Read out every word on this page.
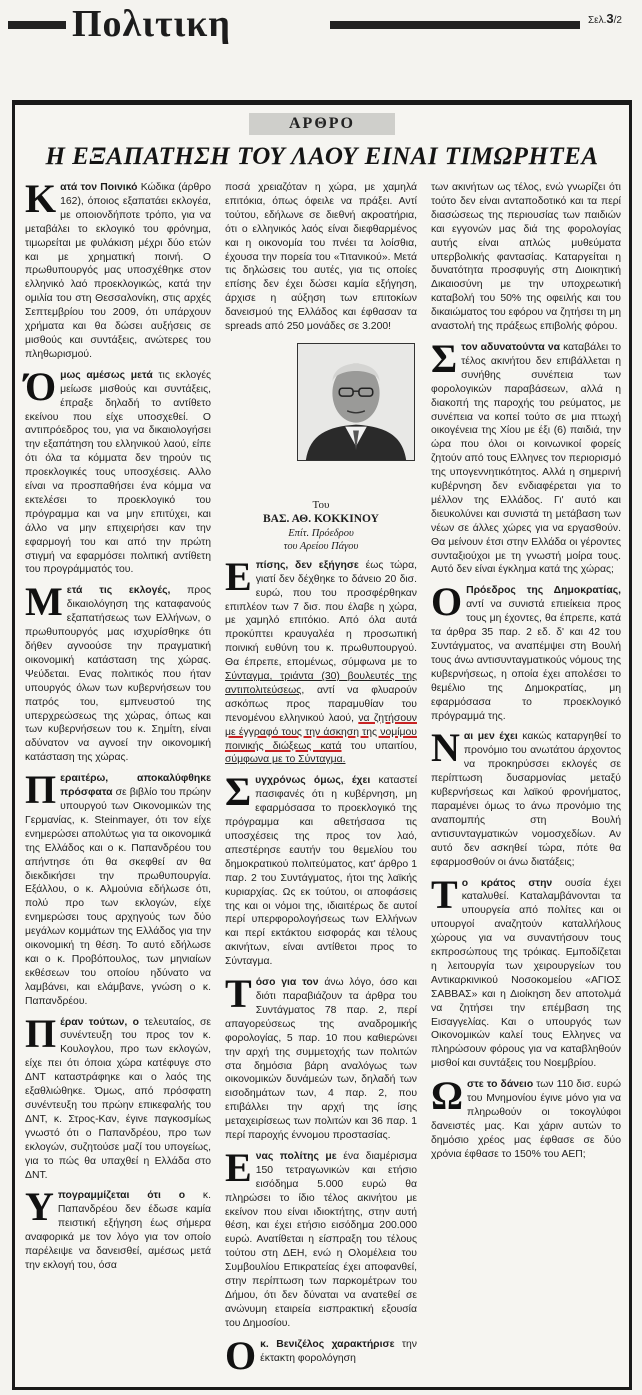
Πολιτικη	Σελ.3/2
ΑΡΘΡΟ
Η ΕΞΑΠΑΤΗΣΗ ΤΟΥ ΛΑΟΥ ΕΙΝΑΙ ΤΙΜΩΡΗΤΕΑ

Κατά τον Ποινικό Κώδικα (άρθρο 162), όποιος εξαπατάει εκλογέα, με οποιονδήποτε τρόπο, για να μεταβάλει το εκλογικό του φρόνημα, τιμωρείται με φυλάκιση μέχρι δύο ετών και με χρηματική ποινή. Ο πρωθυπουργός μας υποσχέθηκε στον ελληνικό λαό προεκλογικώς, κατά την ομιλία του στη Θεσσαλονίκη, στις αρχές Σεπτεμβρίου του 2009, ότι υπάρχουν χρήματα και θα δώσει αυξήσεις σε μισθούς και συντάξεις, ανώτερες του πληθωρισμού.

Όμως αμέσως μετά τις εκλογές μείωσε μισθούς και συντάξεις, έπραξε δηλαδή το αντίθετο εκείνου που είχε υποσχεθεί. Ο αντιπρόεδρος του, για να δικαιολογήσει την εξαπάτηση του ελληνικού λαού, είπε ότι όλα τα κόμματα δεν τηρούν τις προεκλογικές τους υποσχέσεις. Αλλο είναι να προσπαθήσει ένα κόμμα να εκτελέσει το προεκλογικό του πρόγραμμα και να μην επιτύχει, και άλλο να μην επιχειρήσει καν την εφαρμογή του και από την πρώτη στιγμή να εφαρμόσει πολιτική αντίθετη του προγράμματός του.

Μετά τις εκλογές, προς δικαιολόγηση της καταφανούς εξαπατήσεως των Ελλήνων, ο πρωθυπουργός μας ισχυρίσθηκε ότι δήθεν αγνοούσε την πραγματική οικονομική κατάσταση της χώρας. Ψεύδεται. Ενας πολιτικός που ήταν υπουργός όλων των κυβερνήσεων του πατρός του, εμπνευστού της υπερχρεώσεως της χώρας, όπως και των κυβερνήσεων του κ. Σημίτη, είναι αδύνατον να αγνοεί την οικονομική κατάσταση της χώρας.

Περαιτέρω, αποκαλύφθηκε πρόσφατα σε βιβλίο του πρώην υπουργού των Οικονομικών της Γερμανίας, κ. Steinmayer, ότι τον είχε ενημερώσει απολύτως για τα οικονομικά της Ελλάδος και ο κ. Παπανδρέου του απήντησε ότι θα σκεφθεί αν θα διεκδικήσει την πρωθυπουργία. Εξάλλου, ο κ. Αλμούνια εδήλωσε ότι, πολύ προ των εκλογών, είχε ενημερώσει τους αρχηγούς των δύο μεγάλων κομμάτων της Ελλάδος για την οικονομική τη θέση. Το αυτό εδήλωσε και ο κ. Προβόπουλος, των μηνιαίων εκθέσεων του οποίου ηδύνατο να λαμβάνει, και ελάμβανε, γνώση ο κ. Παπανδρέου.

Πέραν τούτων, ο τελευταίος, σε συνέντευξη του προς τον κ. Κουλογλου, προ των εκλογών, είχε πει ότι όποια χώρα κατέφυγε στο ΔΝΤ καταστράφηκε και ο λαός της εξαθλιώθηκε. Όμως, από πρόσφατη συνέντευξη του πρώην επικεφαλής του ΔΝΤ, κ. Στρος-Καν, έγινε παγκοσμίως γνωστό ότι ο Παπανδρέου, προ των εκλογών, συζητούσε μαζί του υπογείως, για το πώς θα υπαχθεί η Ελλάδα στο ΔΝΤ.

Υπογραμμίζεται ότι ο κ. Παπανδρέου δεν έδωσε καμία πειστική εξήγηση έως σήμερα αναφορικά με τον λόγο για τον οποίο παρέλειψε να δανεισθεί, αμέσως μετά την εκλογή του, όσα

ποσά χρειαζόταν η χώρα, με χαμηλά επιτόκια, όπως όφειλε να πράξει. Αντί τούτου, εδήλωνε σε διεθνή ακροατήρια, ότι ο ελληνικός λαός είναι διεφθαρμένος και η οικονομία του πνέει τα λοίσθια, έχουσα την πορεία του «Τιτανικού». Μετά τις δηλώσεις του αυτές, για τις οποίες επίσης δεν έχει δώσει καμία εξήγηση, άρχισε η αύξηση των επιτοκίων δανεισμού της Ελλάδος και έφθασαν τα spreads από 250 μονάδες σε 3.200!

Του
ΒΑΣ. ΑΘ. ΚΟΚΚΙΝΟΥ
Επίτ. Πρόεδρου
του Αρείου Πάγου

Επίσης, δεν εξήγησε έως τώρα, γιατί δεν δέχθηκε το δάνειο 20 δισ. ευρώ, που του προσφέρθηκαν επιπλέον των 7 δισ. που έλαβε η χώρα, με χαμηλό επιτόκιο. Από όλα αυτά προκύπτει κραυγαλέα η προσωπική ποινική ευθύνη του κ. πρωθυπουργού. Θα έπρεπε, επομένως, σύμφωνα με το Σύνταγμα, τριάντα (30) βουλευτές της αντιπολιτεύσεως, αντί να φλυαρούν ασκόπως προς παραμυθίαν του πενομένου ελληνικού λαού, να ζητήσουν με έγγραφό τους την άσκηση της νομίμου ποινικής διώξεως κατά του υπαιτίου, σύμφωνα με το Σύνταγμα.

Συγχρόνως όμως, έχει καταστεί πασιφανές ότι η κυβέρνηση, μη εφαρμόσασα το προεκλογικό της πρόγραμμα και αθετήσασα τις υποσχέσεις της προς τον λαό, απεστέρησε εαυτήν του θεμελίου του δημοκρατικού πολιτεύματος, κατ' άρθρο 1 παρ. 2 του Συντάγματος, ήτοι της λαϊκής κυριαρχίας. Ως εκ τούτου, οι αποφάσεις της και οι νόμοι της, ιδιαιτέρως δε αυτοί περί υπερφορολογήσεως των Ελλήνων και περί εκτάκτου εισφοράς και τέλους ακινήτων, είναι αντίθετοι προς το Σύνταγμα.

Τόσο για τον άνω λόγο, όσο και διότι παραβιάζουν τα άρθρα του Συντάγματος 78 παρ. 2, περί απαγορεύσεως της αναδρομικής φορολογίας, 5 παρ. 10 που καθιερώνει την αρχή της συμμετοχής των πολιτών στα δημόσια βάρη αναλόγως των οικονομικών δυνάμεών των, δηλαδή των εισοδημάτων των, 4 παρ. 2, που επιβάλλει την αρχή της ίσης μεταχειρίσεως των πολιτών και 36 παρ. 1 περί παροχής έννομου προστασίας.

Ενας πολίτης με ένα διαμέρισμα 150 τετραγωνικών και ετήσιο εισόδημα 5.000 ευρώ θα πληρώσει το ίδιο τέλος ακινήτου με εκείνον που είναι ιδιοκτήτης, στην αυτή θέση, και έχει ετήσιο εισόδημα 200.000 ευρώ. Ανατίθεται η είσπραξη του τέλους τούτου στη ΔΕΗ, ενώ η Ολομέλεια του Συμβουλίου Επικρατείας έχει αποφανθεί, στην περίπτωση των παρκομέτρων του Δήμου, ότι δεν δύναται να ανατεθεί σε ανώνυμη εταιρεία εισπρακτική εξουσία του Δημοσίου.

Ο κ. Βενιζέλος χαρακτήρισε την έκτακτη φορολόγηση

των ακινήτων ως τέλος, ενώ γνωρίζει ότι τούτο δεν είναι ανταποδοτικό και τα περί διασώσεως της περιουσίας των παιδιών και εγγονών μας διά της φορολογίας αυτής είναι απλώς μυθεύματα υπερβολικής φαντασίας. Καταργείται η δυνατότητα προσφυγής στη Διοικητική Δικαιοσύνη με την υποχρεωτική καταβολή του 50% της οφειλής και του δικαιώματος του εφόρου να ζητήσει τη μη αναστολή της πράξεως επιβολής φόρου.

Στον αδυνατούντα να καταβάλει το τέλος ακινήτου δεν επιβάλλεται η συνήθης συνέπεια των φορολογικών παραβάσεων, αλλά η διακοπή της παροχής του ρεύματος, με συνέπεια να κοπεί τούτο σε μια πτωχή οικογένεια της Χίου με έξι (6) παιδιά, την ώρα που όλοι οι κοινωνικοί φορείς ζητούν από τους Ελληνες τον περιορισμό της υπογεννητικότητος. Αλλά η σημερινή κυβέρνηση δεν ενδιαφέρεται για το μέλλον της Ελλάδος. Γι' αυτό και διευκολύνει και συνιστά τη μετάβαση των νέων σε άλλες χώρες για να εργασθούν. Θα μείνουν έτσι στην Ελλάδα οι γέροντες συνταξιούχοι με τη γνωστή μοίρα τους. Αυτό δεν είναι έγκλημα κατά της χώρας;

Ο Πρόεδρος της Δημοκρατίας, αντί να συνιστά επιείκεια προς τους μη έχοντες, θα έπρεπε, κατά τα άρθρα 35 παρ. 2 εδ. δ' και 42 του Συντάγματος, να αναπέμψει στη Βουλή τους άνω αντισυνταγματικούς νόμους της κυβερνήσεως, η οποία έχει απολέσει το θεμέλιο της Δημοκρατίας, μη εφαρμόσασα το προεκλογικό πρόγραμμά της.

Ναι μεν έχει κακώς καταργηθεί το προνόμιο του ανωτάτου άρχοντος να προκηρύσσει εκλογές σε περίπτωση δυσαρμονίας μεταξύ κυβερνήσεως και λαϊκού φρονήματος, παραμένει όμως το άνω προνόμιο της αναπομπής στη Βουλή αντισυνταγματικών νομοσχεδίων. Αν αυτό δεν ασκηθεί τώρα, πότε θα εφαρμοσθούν οι άνω διατάξεις;

Το κράτος στην ουσία έχει καταλυθεί. Καταλαμβάνονται τα υπουργεία από πολίτες και οι υπουργοί αναζητούν καταλλήλους χώρους για να συναντήσουν τους εκπροσώπους της τρόικας. Εμποδίζεται η λειτουργία των χειρουργείων του Αντικαρκινικού Νοσοκομείου «ΑΓΙΟΣ ΣΑΒΒΑΣ» και η Διοίκηση δεν αποτολμά να ζητήσει την επέμβαση της Εισαγγελίας. Και ο υπουργός των Οικονομικών καλεί τους Ελληνες να πληρώσουν φόρους για να καταβληθούν μισθοί και συντάξεις του Νοεμβρίου.

Ωστε το δάνειο των 110 δισ. ευρώ του Μνημονίου έγινε μόνο για να πληρωθούν οι τοκογλύφοι δανειστές μας. Και χάριν αυτών το δημόσιο χρέος μας έφθασε σε δύο χρόνια έφθασε το 150% του ΑΕΠ;
